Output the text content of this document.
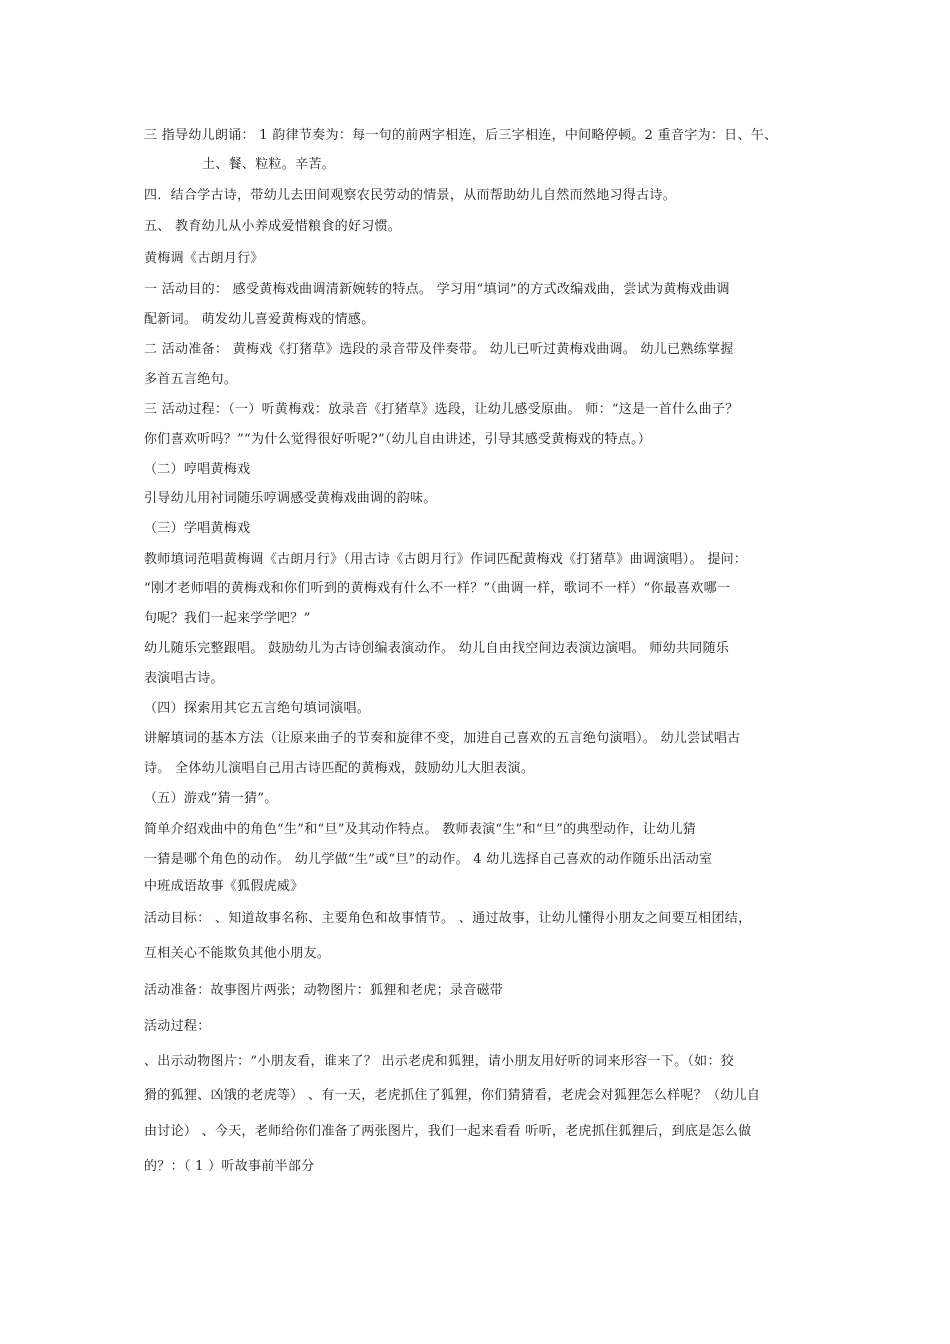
三 指导幼儿朗诵： 1 韵律节奏为：每一句的前两字相连，后三字相连，中间略停顿。2 重音字为：日、午、
土、餐、粒粒。辛苦。
四．结合学古诗，带幼儿去田间观察农民劳动的情景，从而帮助幼儿自然而然地习得古诗。
五、 教育幼儿从小养成爱惜粮食的好习惯。
黄梅调《古朗月行》
一 活动目的： 感受黄梅戏曲调清新婉转的特点。 学习用“填词”的方式改编戏曲，尝试为黄梅戏曲调
配新词。 萌发幼儿喜爱黄梅戏的情感。
二 活动准备： 黄梅戏《打猪草》选段的录音带及伴奏带。 幼儿已听过黄梅戏曲调。 幼儿已熟练掌握
多首五言绝句。
三 活动过程：（一）听黄梅戏：放录音《打猪草》选段，让幼儿感受原曲。 师：“这是一首什么曲子？
你们喜欢听吗？”“为什么觉得很好听呢?”（幼儿自由讲述，引导其感受黄梅戏的特点。）
（二）哼唱黄梅戏
引导幼儿用衬词随乐哼调感受黄梅戏曲调的韵味。
（三）学唱黄梅戏
教师填词范唱黄梅调《古朗月行》（用古诗《古朗月行》作词匹配黄梅戏《打猪草》曲调演唱）。 提问：
“刚才老师唱的黄梅戏和你们听到的黄梅戏有什么不一样？”（曲调一样，歌词不一样）“你最喜欢哪一
句呢？我们一起来学学吧？”
幼儿随乐完整跟唱。 鼓励幼儿为古诗创编表演动作。 幼儿自由找空间边表演边演唱。 师幼共同随乐
表演唱古诗。
（四）探索用其它五言绝句填词演唱。
讲解填词的基本方法（让原来曲子的节奏和旋律不变，加进自己喜欢的五言绝句演唱）。 幼儿尝试唱古
诗。 全体幼儿演唱自己用古诗匹配的黄梅戏，鼓励幼儿大胆表演。
（五）游戏“猜一猜”。
简单介绍戏曲中的角色“生”和“旦”及其动作特点。 教师表演“生”和“旦”的典型动作，让幼儿猜
一猜是哪个角色的动作。 幼儿学做“生”或“旦”的动作。 4 幼儿选择自己喜欢的动作随乐出活动室
中班成语故事《狐假虎威》
活动目标： 、知道故事名称、主要角色和故事情节。 、通过故事，让幼儿懂得小朋友之间要互相团结，
互相关心不能欺负其他小朋友。
活动准备：故事图片两张；动物图片：狐狸和老虎；录音磁带
活动过程：
、出示动物图片：“小朋友看，谁来了？ 出示老虎和狐狸，请小朋友用好听的词来形容一下。（如：狡
猾的狐狸、凶饿的老虎等） 、有一天，老虎抓住了狐狸，你们猜猜看，老虎会对狐狸怎么样呢？（幼儿自
由讨论） 、今天，老师给你们准备了两张图片，我们一起来看看 听听，老虎抓住狐狸后，到底是怎么做
的？：（ 1 ）听故事前半部分
